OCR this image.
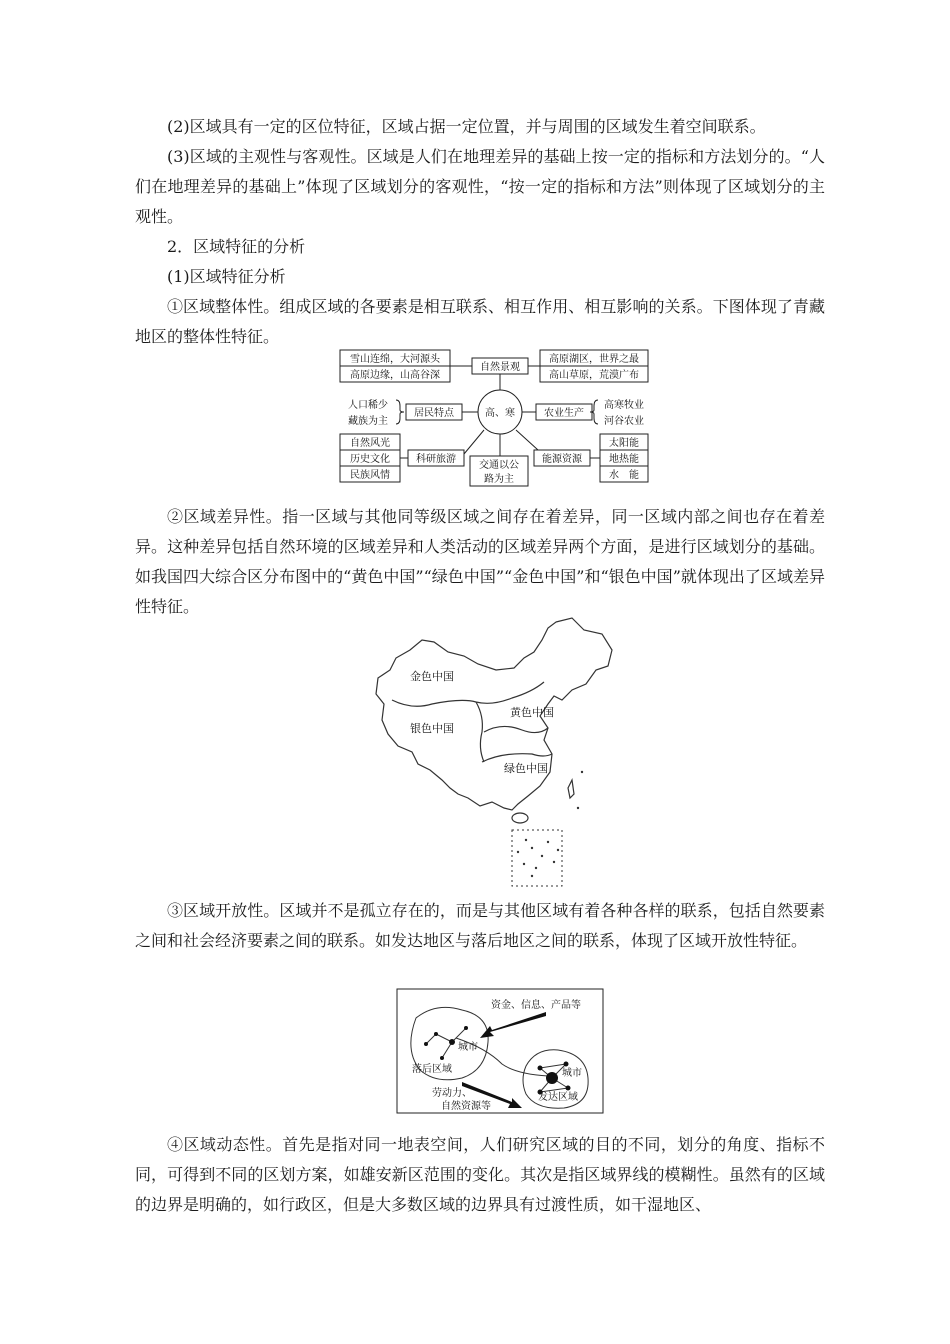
(2)区域具有一定的区位特征，区域占据一定位置，并与周围的区域发生着空间联系。

(3)区域的主观性与客观性。区域是人们在地理差异的基础上按一定的指标和方法划分的。“人们在地理差异的基础上”体现了区域划分的客观性，“按一定的指标和方法”则体现了区域划分的主观性。

2．区域特征的分析

(1)区域特征分析

①区域整体性。组成区域的各要素是相互联系、相互作用、相互影响的关系。下图体现了青藏地区的整体性特征。

雪山连绵，大河源头
高原边缘，山高谷深
自然景观
高原湖区，世界之最
高山草原，荒漠广布
高、寒
居民特点
人口稀少
藏族为主
农业生产
高寒牧业
河谷农业
自然风光
历史文化
民族风情
科研旅游
交通以公
路为主
能源资源
太阳能
地热能
水　能

②区域差异性。指一区域与其他同等级区域之间存在着差异，同一区域内部之间也存在着差异。这种差异包括自然环境的区域差异和人类活动的区域差异两个方面，是进行区域划分的基础。如我国四大综合区分布图中的“黄色中国”“绿色中国”“金色中国”和“银色中国”就体现出了区域差异性特征。

金色中国
黄色中国
银色中国
绿色中国

③区域开放性。区域并不是孤立存在的，而是与其他区域有着各种各样的联系，包括自然要素之间和社会经济要素之间的联系。如发达地区与落后地区之间的联系，体现了区域开放性特征。

资金、信息、产品等
城市
落后区域	城市
发达区域
劳动力、
自然资源等

④区域动态性。首先是指对同一地表空间，人们研究区域的目的不同，划分的角度、指标不同，可得到不同的区划方案，如雄安新区范围的变化。其次是指区域界线的模糊性。虽然有的区域的边界是明确的，如行政区，但是大多数区域的边界具有过渡性质，如干湿地区、
